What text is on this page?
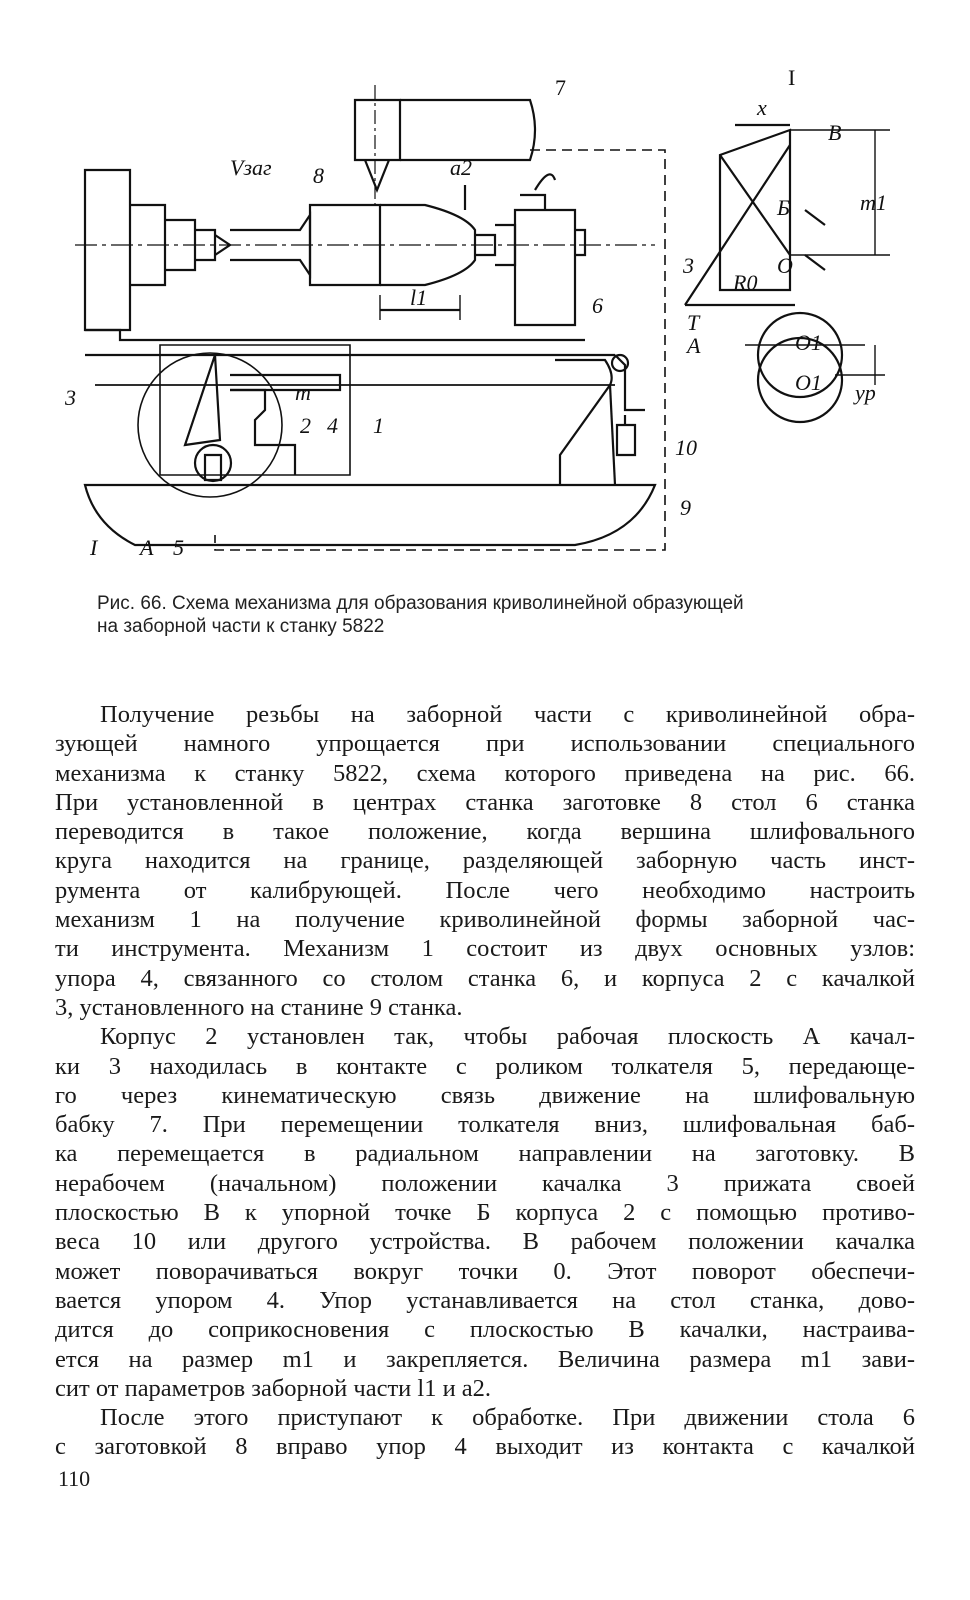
7
8
Vзаг	a2
l1	6
3	m
2 4 1
10
9
I A 5
I
x
B
Б	m1
3
R0
O
T
A	O1
O1 yp
Рис. 66. Схема механизма для образования криволинейной образующей
на заборной части к станку 5822
Получение резьбы на заборной части с криволинейной обра-
зующей намного упрощается при использовании специального
механизма к станку 5822, схема которого приведена на рис. 66.
При установленной в центрах станка заготовке 8 стол 6 станка
переводится в такое положение, когда вершина шлифовального
круга находится на границе, разделяющей заборную часть инст-
румента от калибрующей. После чего необходимо настроить
механизм 1 на получение криволинейной формы заборной час-
ти инструмента. Механизм 1 состоит из двух основных узлов:
упора 4, связанного со столом станка 6, и корпуса 2 с качалкой
3, установленного на станине 9 станка.
Корпус 2 установлен так, чтобы рабочая плоскость А качал-
ки 3 находилась в контакте с роликом толкателя 5, передающе-
го через кинематическую связь движение на шлифовальную
бабку 7. При перемещении толкателя вниз, шлифовальная баб-
ка перемещается в радиальном направлении на заготовку. В
нерабочем (начальном) положении качалка 3 прижата своей
плоскостью В к упорной точке Б корпуса 2 с помощью противо-
веса 10 или другого устройства. В рабочем положении качалка
может поворачиваться вокруг точки 0. Этот поворот обеспечи-
вается упором 4. Упор устанавливается на стол станка, дово-
дится до соприкосновения с плоскостью В качалки, настраива-
ется на размер m1 и закрепляется. Величина размера m1 зави-
сит от параметров заборной части l1 и a2.
После этого приступают к обработке. При движении стола 6
с заготовкой 8 вправо упор 4 выходит из контакта с качалкой
110
